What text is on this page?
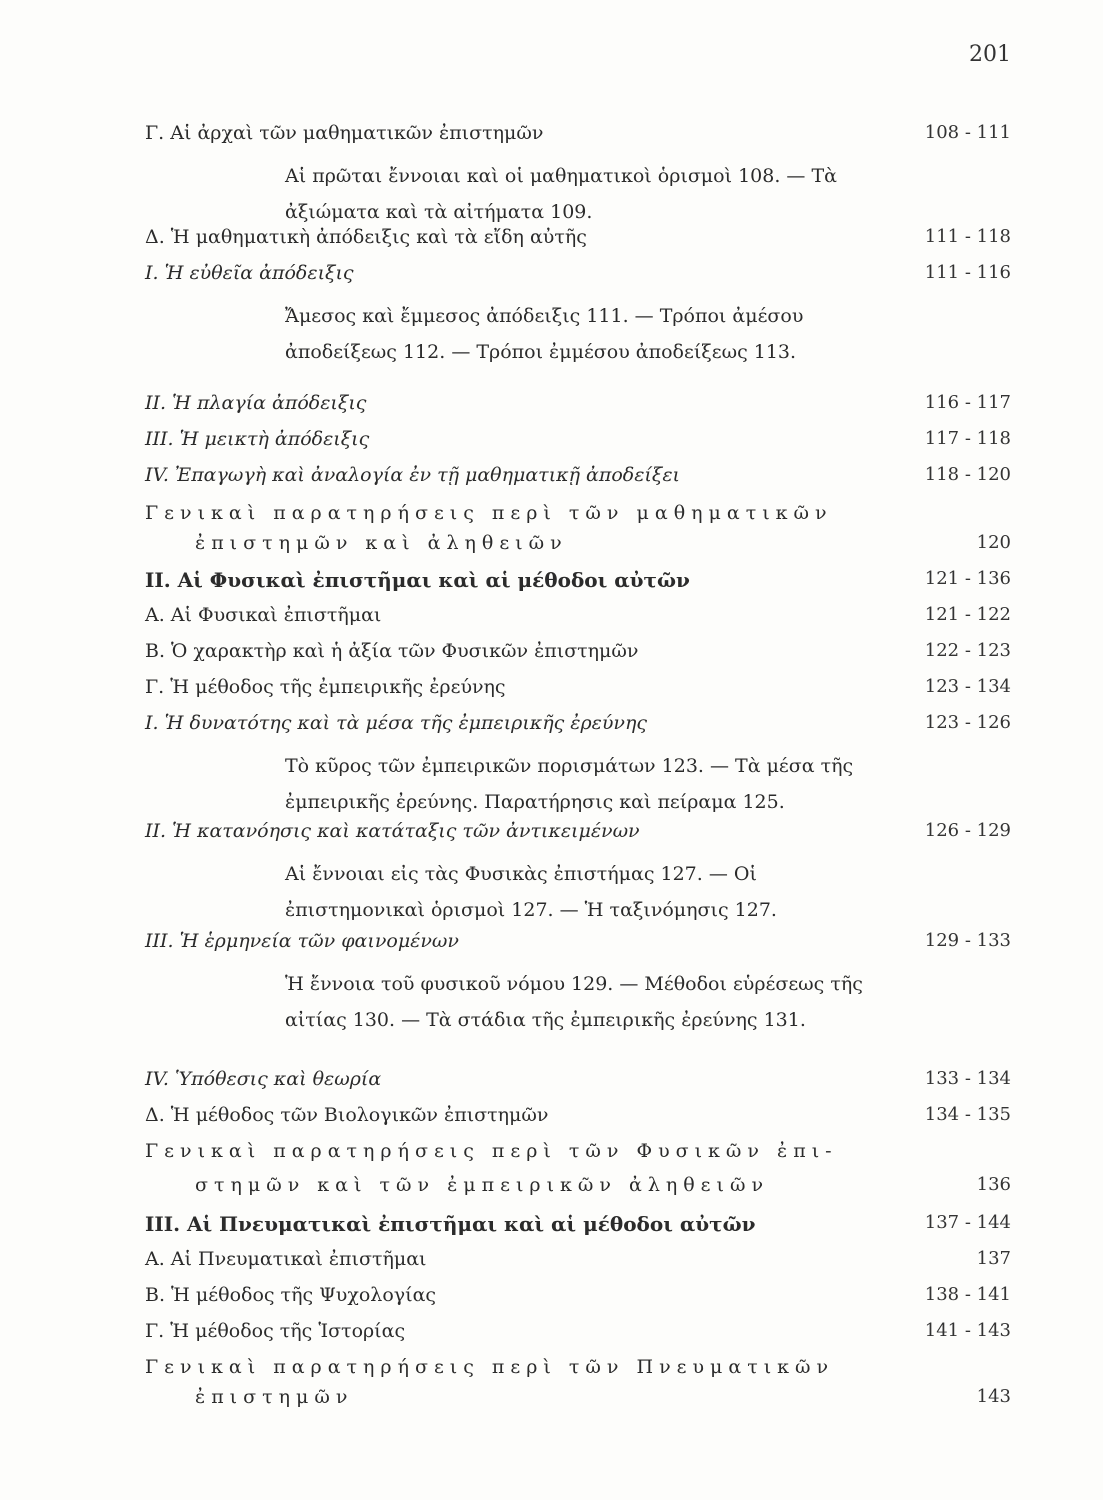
201
Γ. Αἱ ἀρχαὶ τῶν μαθηματικῶν ἐπιστημῶν	108 - 111
Αἱ πρῶται ἔννοιαι καὶ οἱ μαθηματικοὶ ὁρισμοὶ 108. — Τὰ ἀξιώματα καὶ τὰ αἰτήματα 109.
Δ. Ἡ μαθηματικὴ ἀπόδειξις καὶ τὰ εἴδη αὐτῆς	111 - 118
Ι. Ἡ εὐθεῖα ἀπόδειξις	111 - 116
Ἄμεσος καὶ ἔμμεσος ἀπόδειξις 111. — Τρόποι ἀμέσου ἀποδείξεως 112. — Τρόποι ἐμμέσου ἀποδείξεως 113.
ΙΙ. Ἡ πλαγία ἀπόδειξις	116 - 117
ΙΙΙ. Ἡ μεικτὴ ἀπόδειξις	117 - 118
ΙV. Ἐπαγωγὴ καὶ ἀναλογία ἐν τῇ μαθηματικῇ ἀποδείξει	118 - 120
Γενικαὶ παρατηρήσεις περὶ τῶν μαθηματικῶν
ἐπιστημῶν καὶ ἀληθειῶν	120
ΙΙ. Αἱ Φυσικαὶ ἐπιστῆμαι καὶ αἱ μέθοδοι αὐτῶν	121 - 136
Α. Αἱ Φυσικαὶ ἐπιστῆμαι	121 - 122
Β. Ὁ χαρακτὴρ καὶ ἡ ἀξία τῶν Φυσικῶν ἐπιστημῶν	122 - 123
Γ. Ἡ μέθοδος τῆς ἐμπειρικῆς ἐρεύνης	123 - 134
Ι. Ἡ δυνατότης καὶ τὰ μέσα τῆς ἐμπειρικῆς ἐρεύνης	123 - 126
Τὸ κῦρος τῶν ἐμπειρικῶν πορισμάτων 123. — Τὰ μέσα τῆς ἐμπειρικῆς ἐρεύνης. Παρατήρησις καὶ πείραμα 125.
ΙΙ. Ἡ κατανόησις καὶ κατάταξις τῶν ἀντικειμένων	126 - 129
Αἱ ἔννοιαι εἰς τὰς Φυσικὰς ἐπιστήμας 127. — Οἱ ἐπιστημονικαὶ ὁρισμοὶ 127. — Ἡ ταξινόμησις 127.
ΙΙΙ. Ἡ ἑρμηνεία τῶν φαινομένων	129 - 133
Ἡ ἔννοια τοῦ φυσικοῦ νόμου 129. — Μέθοδοι εὑρέσεως τῆς αἰτίας 130. — Τὰ στάδια τῆς ἐμπειρικῆς ἐρεύνης 131.
ΙV. Ὑπόθεσις καὶ θεωρία	133 - 134
Δ. Ἡ μέθοδος τῶν Βιολογικῶν ἐπιστημῶν	134 - 135
Γενικαὶ παρατηρήσεις περὶ τῶν Φυσικῶν ἐπι-
στημῶν καὶ τῶν ἐμπειρικῶν ἀληθειῶν	136
ΙΙΙ. Αἱ Πνευματικαὶ ἐπιστῆμαι καὶ αἱ μέθοδοι αὐτῶν	137 - 144
Α. Αἱ Πνευματικαὶ ἐπιστῆμαι	137
Β. Ἡ μέθοδος τῆς Ψυχολογίας	138 - 141
Γ. Ἡ μέθοδος τῆς Ἱστορίας	141 - 143
Γενικαὶ παρατηρήσεις περὶ τῶν Πνευματικῶν
ἐπιστημῶν	143
